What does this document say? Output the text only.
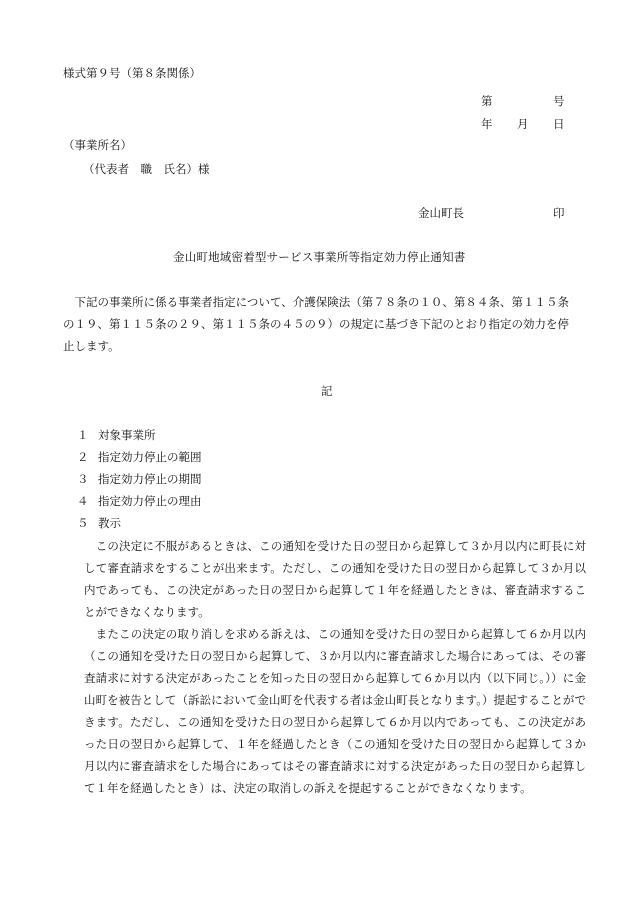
様式第９号（第８条関係）
第	号
年 月 日
（事業所名）
（代表者　職　氏名）様
金山町長	印
金山町地域密着型サービス事業所等指定効力停止通知書
　下記の事業所に係る事業者指定について、介護保険法（第７８条の１０、第８４条、第１１５条の１９、第１１５条の２９、第１１５条の４５の９）の規定に基づき下記のとおり指定の効力を停止します。
記
１ 対象事業所
２ 指定効力停止の範囲
３ 指定効力停止の期間
４ 指定効力停止の理由
５ 教示
　この決定に不服があるときは、この通知を受けた日の翌日から起算して３か月以内に町長に対して審査請求をすることが出来ます。ただし、この通知を受けた日の翌日から起算して３か月以内であっても、この決定があった日の翌日から起算して１年を経過したときは、審査請求することができなくなります。
　またこの決定の取り消しを求める訴えは、この通知を受けた日の翌日から起算して６か月以内（この通知を受けた日の翌日から起算して、３か月以内に審査請求した場合にあっては、その審査請求に対する決定があったことを知った日の翌日から起算して６か月以内（以下同じ。））に金山町を被告として（訴訟において金山町を代表する者は金山町長となります。）提起することができます。ただし、この通知を受けた日の翌日から起算して６か月以内であっても、この決定があった日の翌日から起算して、１年を経過したとき（この通知を受けた日の翌日から起算して３か月以内に審査請求をした場合にあってはその審査請求に対する決定があった日の翌日から起算して１年を経過したとき）は、決定の取消しの訴えを提起することができなくなります。
